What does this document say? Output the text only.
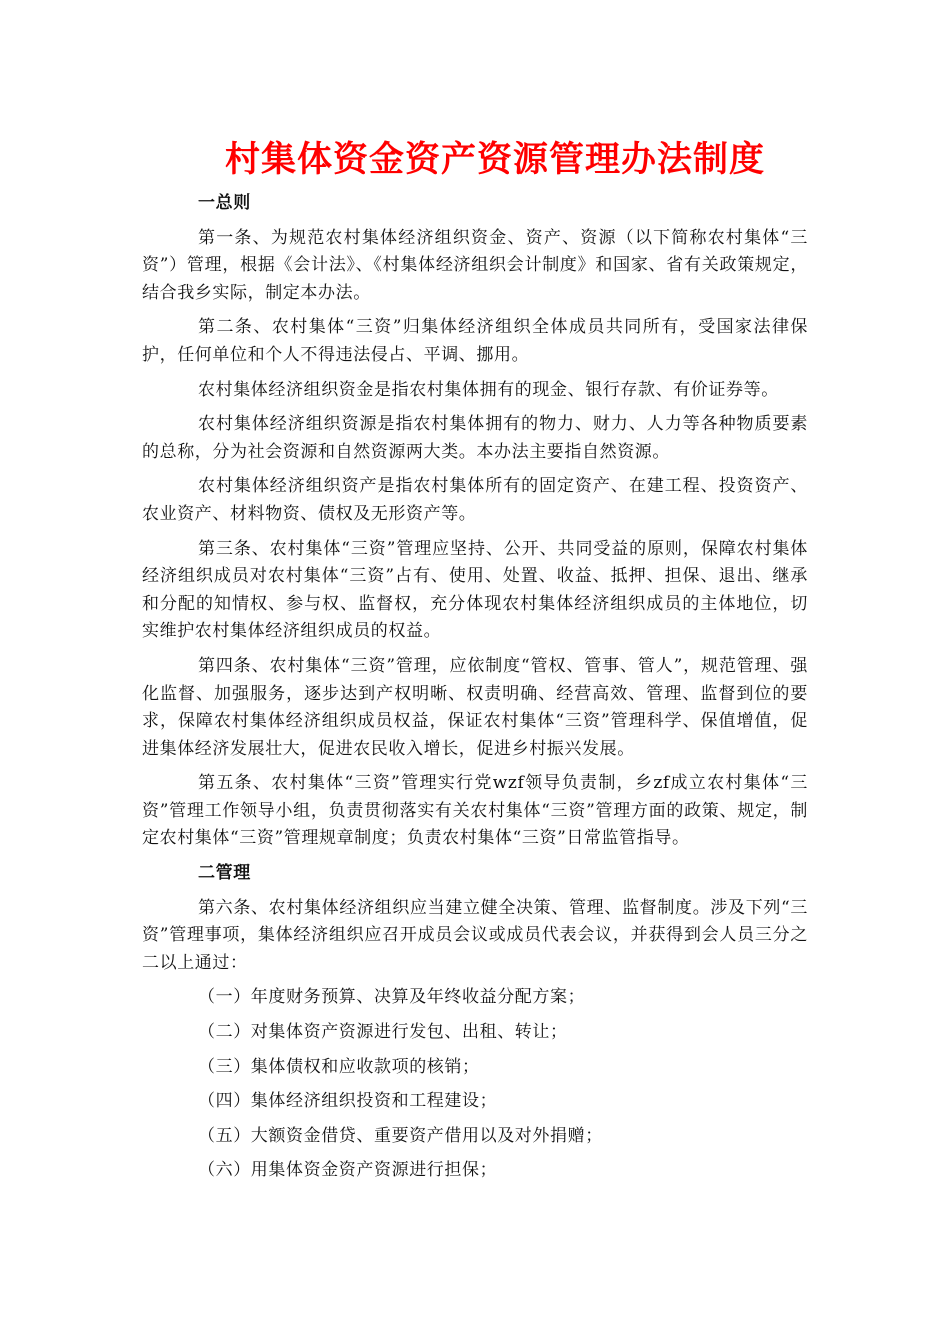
村集体资金资产资源管理办法制度
一总则

第一条、为规范农村集体经济组织资金、资产、资源（以下简称农村集体“三资”）管理，根据《会计法》、《村集体经济组织会计制度》和国家、省有关政策规定，结合我乡实际，制定本办法。

第二条、农村集体“三资”归集体经济组织全体成员共同所有，受国家法律保护，任何单位和个人不得违法侵占、平调、挪用。

农村集体经济组织资金是指农村集体拥有的现金、银行存款、有价证券等。

农村集体经济组织资源是指农村集体拥有的物力、财力、人力等各种物质要素的总称，分为社会资源和自然资源两大类。本办法主要指自然资源。

农村集体经济组织资产是指农村集体所有的固定资产、在建工程、投资资产、农业资产、材料物资、债权及无形资产等。

第三条、农村集体“三资”管理应坚持、公开、共同受益的原则，保障农村集体经济组织成员对农村集体“三资”占有、使用、处置、收益、抵押、担保、退出、继承和分配的知情权、参与权、监督权，充分体现农村集体经济组织成员的主体地位，切实维护农村集体经济组织成员的权益。

第四条、农村集体“三资”管理，应依制度“管权、管事、管人”，规范管理、强化监督、加强服务，逐步达到产权明晰、权责明确、经营高效、管理、监督到位的要求，保障农村集体经济组织成员权益，保证农村集体“三资”管理科学、保值增值，促进集体经济发展壮大，促进农民收入增长，促进乡村振兴发展。

第五条、农村集体“三资”管理实行党wzf领导负责制，乡zf成立农村集体“三资”管理工作领导小组，负责贯彻落实有关农村集体“三资”管理方面的政策、规定，制定农村集体“三资”管理规章制度；负责农村集体“三资”日常监管指导。

二管理

第六条、农村集体经济组织应当建立健全决策、管理、监督制度。涉及下列“三资”管理事项，集体经济组织应召开成员会议或成员代表会议，并获得到会人员三分之二以上通过：

（一）年度财务预算、决算及年终收益分配方案；

（二）对集体资产资源进行发包、出租、转让；

（三）集体债权和应收款项的核销；

（四）集体经济组织投资和工程建设；

（五）大额资金借贷、重要资产借用以及对外捐赠；

（六）用集体资金资产资源进行担保；
